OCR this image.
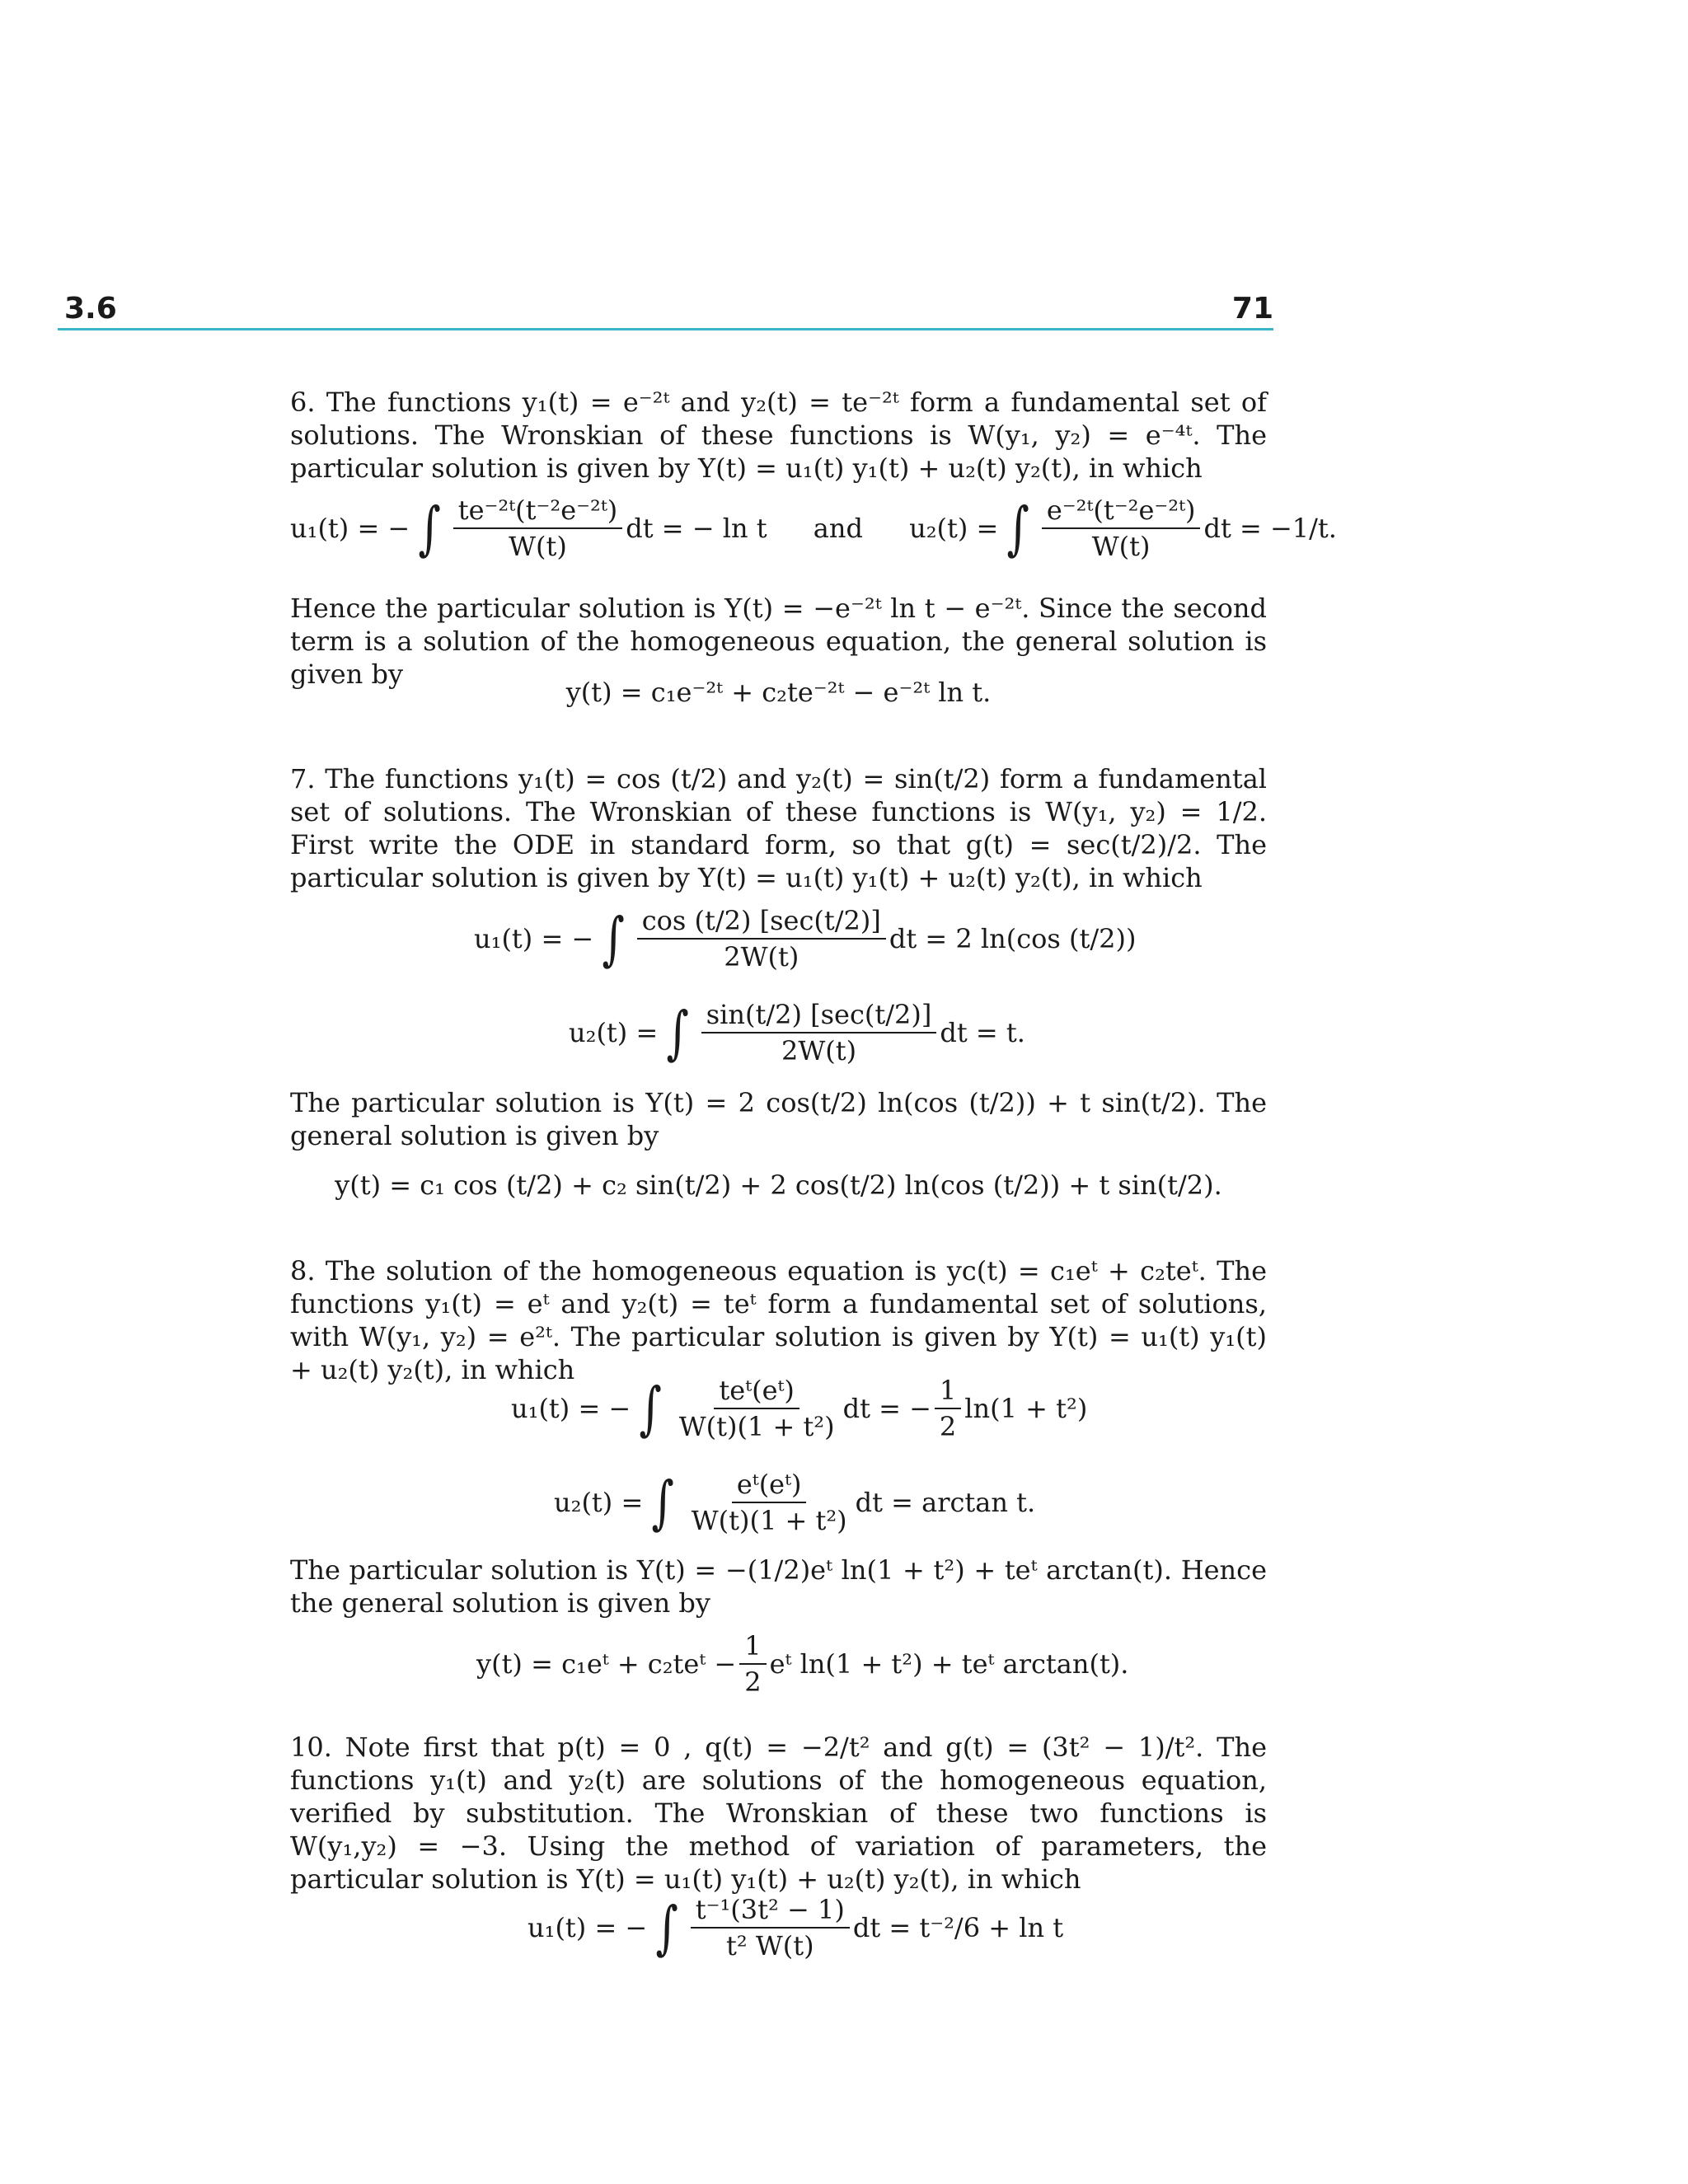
3.6	71

6. The functions y₁(t) = e⁻²ᵗ and y₂(t) = te⁻²ᵗ form a fundamental set of solutions. The Wronskian of these functions is W(y₁, y₂) = e⁻⁴ᵗ. The particular solution is given by Y(t) = u₁(t) y₁(t) + u₂(t) y₂(t), in which

u₁(t) = − ∫ $\frac{\text{te⁻²ᵗ(t⁻²e⁻²ᵗ)}}{W(t)}$ dt = − ln t and u₂(t) = ∫ $\frac{\text{e⁻²ᵗ(t⁻²e⁻²ᵗ)}}{W(t)}$ dt = −1/t.

Hence the particular solution is Y(t) = −e⁻²ᵗ ln t − e⁻²ᵗ. Since the second term is a solution of the homogeneous equation, the general solution is given by

y(t) = c₁e⁻²ᵗ + c₂te⁻²ᵗ − e⁻²ᵗ ln t.

7. The functions y₁(t) = cos (t/2) and y₂(t) = sin(t/2) form a fundamental set of solutions. The Wronskian of these functions is W(y₁, y₂) = 1/2. First write the ODE in standard form, so that g(t) = sec(t/2)/2. The particular solution is given by Y(t) = u₁(t) y₁(t) + u₂(t) y₂(t), in which

u₁(t) = − ∫ $\frac{\cos (t/2) [\sec(t/2)]}{2W(t)}$ dt = 2 ln(cos (t/2))
u₂(t) = ∫ $\frac{\sin(t/2) [\sec(t/2)]}{2W(t)}$ dt = t.

The particular solution is Y(t) = 2 cos(t/2) ln(cos (t/2)) + t sin(t/2). The general solution is given by

y(t) = c₁ cos (t/2) + c₂ sin(t/2) + 2 cos(t/2) ln(cos (t/2)) + t sin(t/2).

8. The solution of the homogeneous equation is yᴄ(t) = c₁eᵗ + c₂teᵗ. The functions y₁(t) = eᵗ and y₂(t) = teᵗ form a fundamental set of solutions, with W(y₁, y₂) = e²ᵗ. The particular solution is given by Y(t) = u₁(t) y₁(t) + u₂(t) y₂(t), in which

u₁(t) = − ∫ $\frac{\text{teᵗ(eᵗ)}}{\text{W(t)(1 + t²)}}$ dt = − $\frac{1}{2} \ln(1 + t^2)$
u₂(t) = ∫ $\frac{\text{eᵗ(eᵗ)}}{\text{W(t)(1 + t²)}}$ dt = arctan t.

The particular solution is Y(t) = −(1/2)eᵗ ln(1 + t²) + teᵗ arctan(t). Hence the general solution is given by

y(t) = c₁eᵗ + c₂teᵗ − $\frac{1}{2}$ eᵗ ln(1 + t²) + teᵗ arctan(t).

10. Note first that p(t) = 0 , q(t) = −2/t² and g(t) = (3t² − 1)/t². The functions y₁(t) and y₂(t) are solutions of the homogeneous equation, verified by substitution. The Wronskian of these two functions is W(y₁,y₂) = −3. Using the method of variation of parameters, the particular solution is Y(t) = u₁(t) y₁(t) + u₂(t) y₂(t), in which

u₁(t) = − ∫ $\frac{\text{t⁻¹(3t² − 1)}}{\text{t² W(t)}}$ dt = t⁻²/6 + ln t
